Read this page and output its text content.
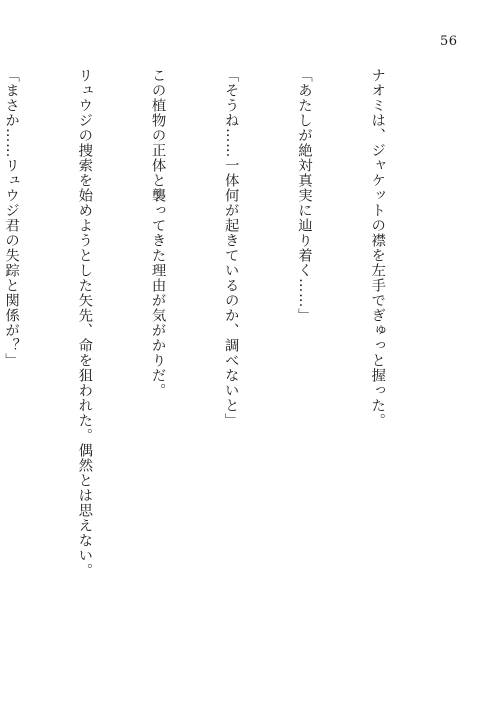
56

ナオミは、ジャケットの襟を左手でぎゅっと握った。

「あたしが絶対真実に辿り着く……」

「そうね……一体何が起きているのか、調べないと」

この植物の正体と襲ってきた理由が気がかりだ。

リュウジの捜索を始めようとした矢先、命を狙われた。偶然とは思えない。

「まさか……リュウジ君の失踪と関係が？」
